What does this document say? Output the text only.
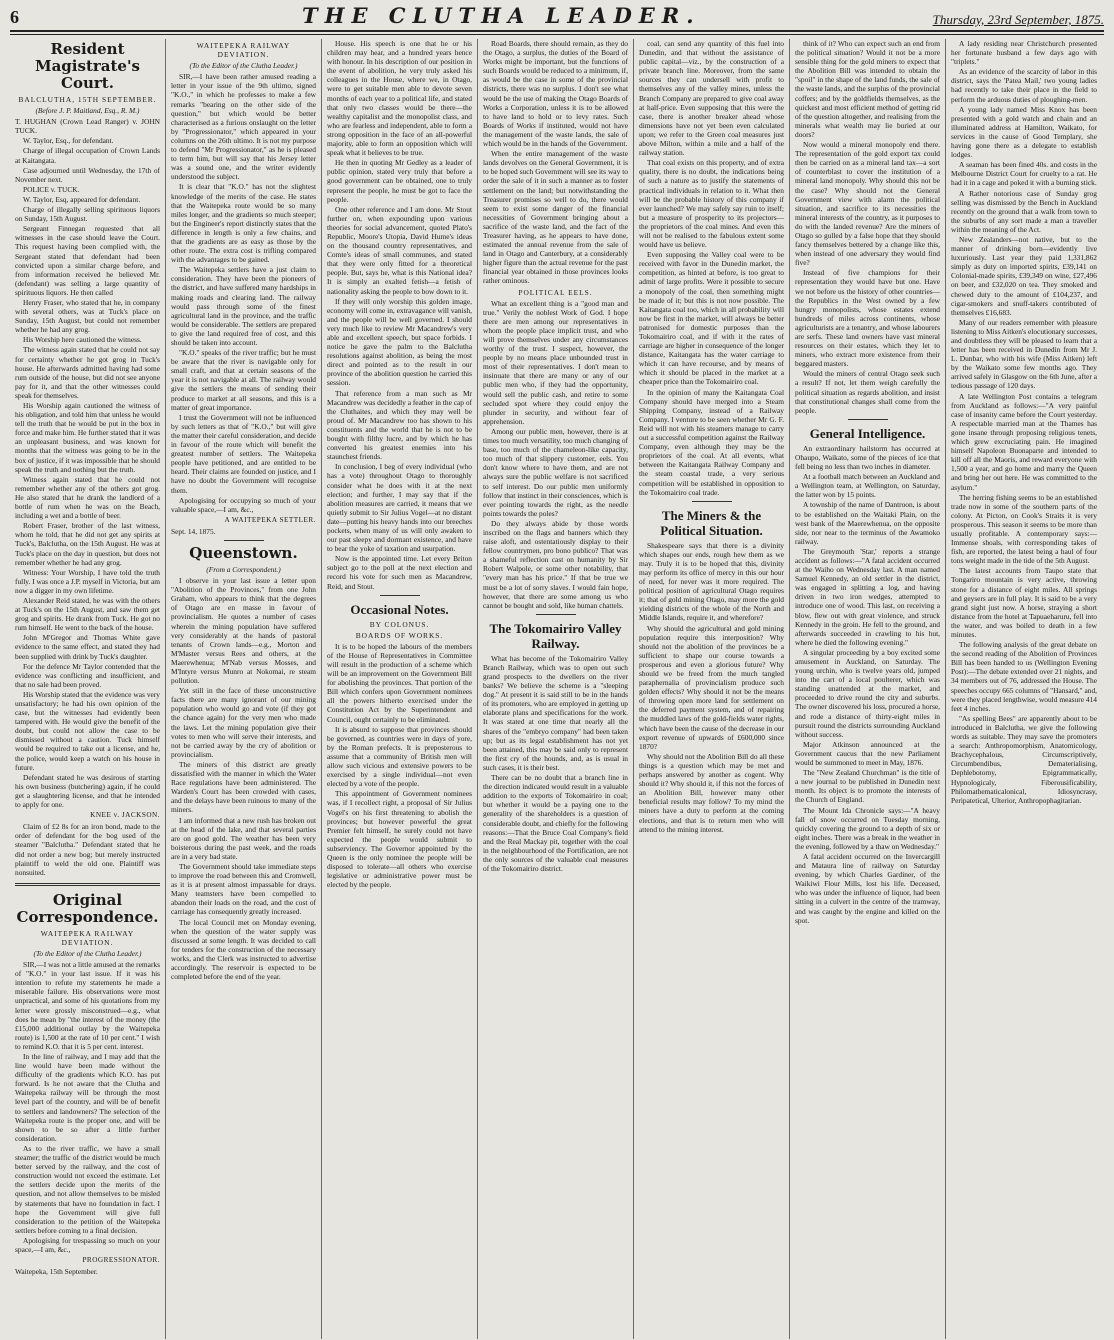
6	THE CLUTHA LEADER.	Thursday, 23rd September, 1875.
Resident Magistrate's Court.
BALCLUTHA, 15TH SEPTEMBER.
(Before J. P. Maitland, Esq., R. M.)

T. HUGHAN (Crown Lead Ranger) v. JOHN TUCK.

W. Taylor, Esq., for defendant.

Charge of illegal occupation of Crown Lands at Kaitangata.

Case adjourned until Wednesday, the 17th of November next.

POLICE v. TUCK.

W. Taylor, Esq, appeared for defendant.

Charge of illegally selling spirituous liquors on Sunday, 15th August.

Sergeant Finnegan requested that all witnesses in the case should leave the Court. This request having been complied with, the Sergeant stated that defendant had been convicted upon a similar charge before, and from information received he believed Mr. (defendant) was selling a large quantity of spirituous liquors. He then called

Henry Fraser, who stated that he, in company with several others, was at Tuck's place on Sunday, 15th August, but could not remember whether he had any grog.

His Worship here cautioned the witness.

The witness again stated that he could not say for certainty whether he got grog in Tuck's house. He afterwards admitted having had some rum outside of the house, but did not see anyone pay for it, and that the other witnesses could speak for themselves.

His Worship again cautioned the witness of his obligation, and told him that unless he would tell the truth that he would be put in the box in force and make him. He further stated that it was an unpleasant business, and was known for months that the witness was going to be in the box of justice, if it was impossible that he should speak the truth and nothing but the truth.

Witness again stated that he could not remember whether any of the others got grog. He also stated that he drank the landlord of a bottle of rum when he was on the Beach, including a wet and a bottle of beer.

Robert Fraser, brother of the last witness, whom he told, that he did not get any spirits at Tuck's, Balclutha, on the 15th August. He was at Tuck's place on the day in question, but does not remember whether he had any grog.

Witness: Your Worship, I have told the truth fully. I was once a J.P. myself in Victoria, but am now a digger in my own lifetime.

Alexander Reid stated, he was with the others at Tuck's on the 15th August, and saw them get grog and spirits. He drank from Tuck. He got no rum himself. He went to the back of the house.

John M'Gregor and Thomas White gave evidence to the same effect, and stated they had been supplied with drink by Tuck's daughter.

For the defence Mr Taylor contended that the evidence was conflicting and insufficient, and that no sale had been proved.

His Worship stated that the evidence was very unsatisfactory; he had his own opinion of the case, but the witnesses had evidently been tampered with. He would give the benefit of the doubt, but could not allow the case to be dismissed without a caution. Tuck himself would be required to take out a license, and he, the police, would keep a watch on his house in future.

Defendant stated he was desirous of starting his own business (butchering) again, if he could get a slaughtering license, and that he intended to apply for one.

KNEE v. JACKSON.

Claim of £2 8s for an iron bond, made to the order of defendant for the bog used of the steamer "Balclutha." Defendant stated that he did not order a new bog; but merely instructed plaintiff to weld the old one. Plaintiff was nonsuited.

Original Correspondence.
WAITEPEKA RAILWAY DEVIATION.
(To the Editor of the Clutha Leader.)

SIR,—I was not a little amused at the remarks of "K.O." in your last issue. If it was his intention to refute my statements he made a miserable failure. His observations were most unpractical, and some of his quotations from my letter were grossly misconstrued—e.g., what does he mean by "the interest of the money (the £15,000 additional outlay by the Waitepeka route) is 1,500 at the rate of 10 per cent." I wish to remind K.O. that it is 5 per cent. interest.

In the line of railway, and I may add that the line would have been made without the difficulty of the gradients which K.O. has put forward. Is he not aware that the Clutha and Waitepeka railway will be through the most level part of the country, and will be of benefit to settlers and landowners? The selection of the Waitepeka route is the proper one, and will be shown to be so after a little further consideration.

As to the river traffic, we have a small steamer; the traffic of the district would be much better served by the railway, and the cost of construction would not exceed the estimate. Let the settlers decide upon the merits of the question, and not allow themselves to be misled by statements that have no foundation in fact. I hope the Government will give full consideration to the petition of the Waitepeka settlers before coming to a final decision.

Apologising for trespassing so much on your space,—I am, &c.,

PROGRESSIONATOR.

Waitepeka, 15th September.

WAITEPEKA RAILWAY DEVIATION.
(To the Editor of the Clutha Leader.)

SIR,—I have been rather amused reading a letter in your issue of the 9th ultimo, signed "K.O.," in which he professes to make a few remarks "bearing on the other side of the question," but which would be better characterised as a furious onslaught on the letter by "Progressionator," which appeared in your columns on the 26th ultimo. It is not my purpose to defend "Mr Progressionator," as he is pleased to term him, but will say that his Jersey letter was a sound one, and the writer evidently understood the subject.

It is clear that "K.O." has not the slightest knowledge of the merits of the case. He states that the Waitepeka route would be so many miles longer, and the gradients so much steeper; but the Engineer's report distinctly states that the difference in length is only a few chains, and that the gradients are as easy as those by the other route. The extra cost is trifling compared with the advantages to be gained.

The Waitepeka settlers have a just claim to consideration. They have been the pioneers of the district, and have suffered many hardships in making roads and clearing land. The railway would pass through some of the finest agricultural land in the province, and the traffic would be considerable. The settlers are prepared to give the land required free of cost, and this should be taken into account.

"K.O." speaks of the river traffic; but he must be aware that the river is navigable only for small craft, and that at certain seasons of the year it is not navigable at all. The railway would give the settlers the means of sending their produce to market at all seasons, and this is a matter of great importance.

I trust the Government will not be influenced by such letters as that of "K.O.," but will give the matter their careful consideration, and decide in favour of the route which will benefit the greatest number of settlers. The Waitepeka people have petitioned, and are entitled to be heard. Their claims are founded on justice, and I have no doubt the Government will recognise them.

Apologising for occupying so much of your valuable space,—I am, &c.,

A WAITEPEKA SETTLER.

Sept. 14, 1875.

Queenstown.
(From a Correspondent.)

I observe in your last issue a letter upon "Abolition of the Provinces," from one John Graham, who appears to think that the degrees of Otago are en masse in favour of provincialism. He quotes a number of cases wherein the mining population have suffered very considerably at the hands of pastoral tenants of Crown lands—e.g., Morton and M'Master versus Rees and others, at the Maerewhenua; M'Nab versus Mosses, and M'Intyre versus Munro at Nokomai, re steam pollution.

Yet still in the face of these unconstructive facts there are many ignorant of our mining population who would go and vote (if they got the chance again) for the very men who made the laws. Let the mining population give their votes to men who will serve their interests, and not be carried away by the cry of abolition or provincialism.

The miners of this district are greatly dissatisfied with the manner in which the Water Race regulations have been administered. The Warden's Court has been crowded with cases, and the delays have been ruinous to many of the miners.

I am informed that a new rush has broken out at the head of the lake, and that several parties are on good gold. The weather has been very boisterous during the past week, and the roads are in a very bad state.

The Government should take immediate steps to improve the road between this and Cromwell, as it is at present almost impassable for drays. Many teamsters have been compelled to abandon their loads on the road, and the cost of carriage has consequently greatly increased.

The local Council met on Monday evening, when the question of the water supply was discussed at some length. It was decided to call for tenders for the construction of the necessary works, and the Clerk was instructed to advertise accordingly. The reservoir is expected to be completed before the end of the year.

House. His speech is one that he or his children may hear, and a hundred years hence with honour. In his description of our position in the event of abolition, he very truly asked his colleagues in the House, where we, in Otago, were to get suitable men able to devote seven months of each year to a political life, and stated that only two classes would be there—the wealthy capitalist and the monopolist class, and who are fearless and independent, able to form a strong opposition in the face of an all-powerful majority, able to form an opposition which will speak what it believes to be true.

He then in quoting Mr Gedley as a leader of public opinion, stated very truly that before a good government can be obtained, one to truly represent the people, he must be got to face the people.

One other reference and I am done. Mr Stout further on, when expounding upon various theories for social advancement, quoted Plato's Republic, Moore's Utopia, David Hume's ideas on the thousand country representatives, and Comte's ideas of small communes, and stated that they were only fitted for a theoretical people. But, says he, what is this National idea? It is simply an exalted fetish—a fetish of nationality asking the people to bow down to it.

If they will only worship this golden image, economy will come in, extravagance will vanish, and the people will be well governed. I should very much like to review Mr Macandrew's very able and excellent speech, but space forbids. I notice he gave the palm to the Balclutha resolutions against abolition, as being the most direct and pointed as to the result in our province of the abolition question he carried this session.

That reference from a man such as Mr Macandrew was decidedly a feather in the cap of the Cluthaites, and which they may well be proud of. Mr Macandrew too has shown to his constituents and the world that he is not to be bought with filthy lucre, and by which he has converted his greatest enemies into his staunchest friends.

In conclusion, I beg of every individual (who has a vote) throughout Otago to thoroughly consider what he does with it at the next election; and further, I may say that if the abolition measures are carried, it means that we quietly submit to Sir Julius Vogel—at no distant date—putting his heavy hands into our breeches pockets, when many of us will only awaken to our past sleepy and dormant existence, and have to bear the yoke of taxation and usurpation.

Now is the appointed time. Let every Briton subject go to the poll at the next election and record his vote for such men as Macandrew, Reid, and Stout.

Occasional Notes.
BY COLONUS.
BOARDS OF WORKS.

It is to be hoped the labours of the members of the House of Representatives in Committee will result in the production of a scheme which will be an improvement on the Government Bill for abolishing the provinces. That portion of the Bill which confers upon Government nominees all the powers hitherto exercised under the Constitution Act by the Superintendent and Council, ought certainly to be eliminated.

It is absurd to suppose that provinces should be governed, as countries were in days of yore, by the Roman prefects. It is preposterous to assume that a community of British men will allow such vicious and extensive powers to be exercised by a single individual—not even elected by a vote of the people.

This appointment of Government nominees was, if I recollect right, a proposal of Sir Julius Vogel's on his first threatening to abolish the provinces; but however powerful the great Premier felt himself, he surely could not have expected the people would submit to subserviency. The Governor appointed by the Queen is the only nominee the people will be disposed to tolerate—all others who exercise legislative or administrative power must be elected by the people.

Road Boards, there should remain, as they do the Otago, a surplus, the duties of the Board of Works might be important, but the functions of such Boards would be reduced to a minimum, if, as would be the case in some of the provincial districts, there was no surplus. I don't see what would be the use of making the Otago Boards of Works a Corporation, unless it is to be allowed to have land to hold or to levy rates. Such Boards of Works if instituted, would not have the management of the waste lands, the sale of which would be in the hands of the Government.

When the entire management of the waste lands devolves on the General Government, it is to be hoped such Government will see its way to order the sale of it in such a manner as to foster settlement on the land; but notwithstanding the Treasurer promises so well to do, there would seem to exist some danger of the financial necessities of Government bringing about a sacrifice of the waste land, and the fact of the Treasurer having, as he appears to have done, estimated the annual revenue from the sale of land in Otago and Canterbury, at a considerably higher figure than the actual revenue for the past financial year obtained in those provinces looks rather ominous.

POLITICAL EELS.

What an excellent thing is a "good man and true." Verily the noblest Work of God. I hope there are men among our representatives in whom the people place implicit trust, and who will prove themselves under any circumstances worthy of the trust. I suspect, however, the people by no means place unbounded trust in most of their representatives. I don't mean to insinuate that there are many or any of our public men who, if they had the opportunity, would sell the public cash, and retire to some secluded spot where they could enjoy the plunder in security, and without fear of apprehension.

Among our public men, however, there is at times too much versatility, too much changing of base, too much of the chameleon-like capacity, too much of that slippery customer, eels. You don't know where to have them, and are not always sure the public welfare is not sacrificed to self interest. Do our public men uniformly follow that instinct in their consciences, which is ever pointing towards the right, as the needle points towards the poles?

Do they always abide by those words inscribed on the flags and banners which they raise aloft, and ostentatiously display to their fellow countrymen, pro bono publico? That was a shameful reflection cast on humanity by Sir Robert Walpole, or some other notability, that "every man has his price." If that be true we must be a lot of sorry slaves. I would fain hope, however, that there are some among us who cannot be bought and sold, like human chattels.

The Tokomairiro Valley Railway.

What has become of the Tokomairiro Valley Branch Railway, which was to open out such grand prospects to the dwellers on the river banks? We believe the scheme is a "sleeping dog." At present it is said still to be in the hands of its promoters, who are employed in getting up elaborate plans and specifications for the work. It was stated at one time that nearly all the shares of the "embryo company" had been taken up; but as its legal establishment has not yet been attained, this may be said only to represent the first cry of the hounds, and, as is usual in such cases, it is their best.

There can be no doubt that a branch line in the direction indicated would result in a valuable addition to the exports of Tokomairiro in coal; but whether it would be a paying one to the generality of the shareholders is a question of considerable doubt, and chiefly for the following reasons:—That the Bruce Coal Company's field and the Real Mackay pit, together with the coal in the neighbourhood of the Fortification, are not the only sources of the valuable coal measures of the Tokomairiro district.

coal, can send any quantity of this fuel into Dunedin, and that without the assistance of public capital—viz., by the construction of a private branch line. Moreover, from the same sources they can undersell with profit to themselves any of the valley mines, unless the Branch Company are prepared to give coal away at half-price. Even supposing that this were the case, there is another breaker ahead whose dimensions have not yet been even calculated upon; we refer to the Green coal measures just above Milton, within a mile and a half of the railway station.

That coal exists on this property, and of extra quality, there is no doubt, the indications being of such a nature as to justify the statements of practical individuals in relation to it. What then will be the probable history of this company if ever launched? We may safely say ruin to itself; but a measure of prosperity to its projectors—the proprietors of the coal mines. And even this will not be realised to the fabulous extent some would have us believe.

Even supposing the Valley coal were to be received with favor in the Dunedin market, the competition, as hinted at before, is too great to admit of large profits. Were it possible to secure a monopoly of the coal, then something might be made of it; but this is not now possible. The Kaitangata coal too, which in all probability will now be first in the market, will always be better patronised for domestic purposes than the Tokomairiro coal, and if with it the rates of carriage are higher in consequence of the longer distance, Kaitangata has the water carriage to which it can have recourse, and by means of which it should be placed in the market at a cheaper price than the Tokomairiro coal.

In the opinion of many the Kaitangata Coal Company should have merged into a Steam Shipping Company, instead of a Railway Company. I venture to be seen whether Mr G. F. Reid will not with his steamers manage to carry out a successful competition against the Railway Company, even although they may be the proprietors of the coal. At all events, what between the Kaitangata Railway Company and the steam coastal trade, a very serious competition will be established in opposition to the Tokomairiro coal trade.

The Miners & the Political Situation.

Shakespeare says that there is a divinity which shapes our ends, rough hew them as we may. Truly it is to be hoped that this, divinity may perform its office of mercy in this our hour of need, for never was it more required. The political position of agricultural Otago requires it; that of gold mining Otago, may more the gold yielding districts of the whole of the North and Middle Islands, require it, and wherefore?

Why should the agricultural and gold mining population require this interposition? Why should not the abolition of the provinces be a sufficient to shape our course towards a prosperous and even a glorious future? Why should we be freed from the much tangled paraphernalia of provincialism produce such golden effects? Why should it not be the means of throwing open more land for settlement on the deferred payment system, and of repairing the muddled laws of the gold-fields water rights, which have been the cause of the decrease in our export revenue of upwards of £600,000 since 1870?

Why should not the Abolition Bill do all these things is a question which may be met and perhaps answered by another as cogent. Why should it? Why should it, if this not the forces of an Abolition Bill, however many other beneficial results may follow? To my mind the miners have a duty to perform at the coming elections, and that is to return men who will attend to the mining interest.

think of it? Who can expect such an end from the political situation? Would it not be a more sensible thing for the gold miners to expect that the Abolition Bill was intended to obtain the "spoil" in the shape of the land funds, the sale of the waste lands, and the surplus of the provincial coffers; and by the goldfields themselves, as the quickest and most efficient method of getting rid of the question altogether, and realising from the minerals what wealth may lie buried at our doors?

Now would a mineral monopoly end there. The representation of the gold export tax could then be carried on as a mineral land tax—a sort of counterblast to cover the institution of a mineral land monopoly. Why should this not be the case? Why should not the General Government view with alarm the political situation, and sacrifice to its necessities the mineral interests of the country, as it purposes to do with the landed revenue? Are the miners of Otago so gulled by a false hope that they should fancy themselves bettered by a change like this, when instead of one adversary they would find five?

Instead of five champions for their representation they would have but one. Have we not before us the history of other countries—the Republics in the West owned by a few hungry monopolists, whose estates extend hundreds of miles across continents, whose agriculturists are a tenantry, and whose labourers are serfs. These land owners have vast mineral resources on their estates, which they let to miners, who extract more existence from their beggared masters.

Would the miners of central Otago seek such a result? If not, let them weigh carefully the political situation as regards abolition, and insist that constitutional changes shall come from the people.

General Intelligence.

An extraordinary hailstorm has occurred at Ohaupo, Waikato, some of the pieces of ice that fell being no less than two inches in diameter.

At a football match between an Auckland and a Wellington team, at Wellington, on Saturday, the latter won by 15 points.

A township of the name of Dantroon, is about to be established on the Waitaki Plain, on the west bank of the Maerewhenua, on the opposite side, nor near to the terminus of the Awamoko railway.

The Greymouth 'Star,' reports a strange accident as follows:—"A fatal accident occurred at the Waiho on Wednesday last. A man named Samuel Kennedy, an old settler in the district, was engaged in splitting a log, and having driven in two iron wedges, attempted to introduce one of wood. This last, on receiving a blow, flew out with great violence, and struck Kennedy in the groin. He fell to the ground, and afterwards succeeded in crawling to his hut, where he died the following evening."

A singular proceeding by a boy excited some amusement in Auckland, on Saturday. The young urchin, who is twelve years old, jumped into the cart of a local poulterer, which was standing unattended at the market, and proceeded to drive round the city and suburbs. The owner discovered his loss, procured a horse, and rode a distance of thirty-eight miles in pursuit round the districts surrounding Auckland without success.

Major Atkinson announced at the Government caucus that the new Parliament would be summoned to meet in May, 1876.

The "New Zealand Churchman" is the title of a new journal to be published in Dunedin next month. Its object is to promote the interests of the Church of England.

The Mount Ida Chronicle says:—"A heavy fall of snow occurred on Tuesday morning, quickly covering the ground to a depth of six or eight inches. There was a break in the weather in the evening, followed by a thaw on Wednesday."

A fatal accident occurred on the Invercargill and Mataura line of railway on Saturday evening, by which Charles Gardiner, of the Waikiwi Flour Mills, lost his life. Deceased, who was under the influence of liquor, had been sitting in a culvert in the centre of the tramway, and was caught by the engine and killed on the spot.

A lady residing near Christchurch presented her fortunate husband a few days ago with "triplets."

As an evidence of the scarcity of labor in this district, says the 'Patea Mail,' two young ladies had recently to take their place in the field to perform the arduous duties of ploughing-men.

A young lady named Miss Knox has been presented with a gold watch and chain and an illuminated address at Hamilton, Waikato, for services in the cause of Good Templary, she having gone there as a delegate to establish lodges.

A seaman has been fined 40s. and costs in the Melbourne District Court for cruelty to a rat. He had it in a cage and poked it with a burning stick.

A Rather notorious case of Sunday grog selling was dismissed by the Bench in Auckland recently on the ground that a walk from town to the suburbs of any sort made a man a traveller within the meaning of the Act.

New Zealanders—not native, but to the manner of drinking born—evidently live luxuriously. Last year they paid 1,331,862 simply as duty on imported spirits, £39,141 on Colonial-made spirits, £39,349 on wine, £27,496 on beer, and £32,020 on tea. They smoked and chewed duty to the amount of £104,237, and cigar-smokers and snuff-takers contributed of themselves £16,683.

Many of our readers remember with pleasure listening to Miss Aitken's elocutionary successes, and doubtless they will be pleased to learn that a letter has been received in Dunedin from Mr J. L. Dunbar, who with his wife (Miss Aitken) left by the Waikato some few months ago. They arrived safely in Glasgow on the 6th June, after a tedious passage of 120 days.

A late Wellington Post contains a telegram from Auckland as follows:—"A very painful case of insanity came before the Court yesterday. A respectable married man at the Thames has gone insane through proposing religious tenets, which grew excruciating pain. He imagined himself Napoleon Buonaparte and intended to kill off all the Maoris, and reward everyone with 1,500 a year, and go home and marry the Queen and bring her out here. He was committed to the asylum."

The herring fishing seems to be an established trade now in some of the southern parts of the colony. At Picton, on Cook's Straits it is very prosperous. This season it seems to be more than usually profitable. A contemporary says:—Immense shoals, with corresponding takes of fish, are reported, the latest being a haul of four tons weight made in the tide of the 5th August.

The latest accounts from Taupo state that Tongariro mountain is very active, throwing stone for a distance of eight miles. All springs and geysers are in full play. It is said to be a very grand sight just now. A horse, straying a short distance from the hotel at Tapuaeharuru, fell into the water, and was boiled to death in a few minutes.

The following analysis of the great debate on the second reading of the Abolition of Provinces Bill has been handed to us (Wellington Evening Post):—The debate extended over 21 nights, and 34 members out of 76, addressed the House. The speeches occupy 665 columns of "Hansard," and, were they placed lengthwise, would measure 414 feet 4 inches.

"As spelling Bees" are apparently about to be introduced in Balclutha, we give the following words as suitable. They may save the promoters a search: Anthropomorphism, Anatomicology, Brachycephalous, Circumscriptively, Circumbendibus, Dematerialising, Dephlebotomy, Epigrammatically, Hypnologicaly, Fiberousificability, Philomathematicalonical, Idiosyncrasy, Peripatetical, Ulterior, Anthropophagitarian.
